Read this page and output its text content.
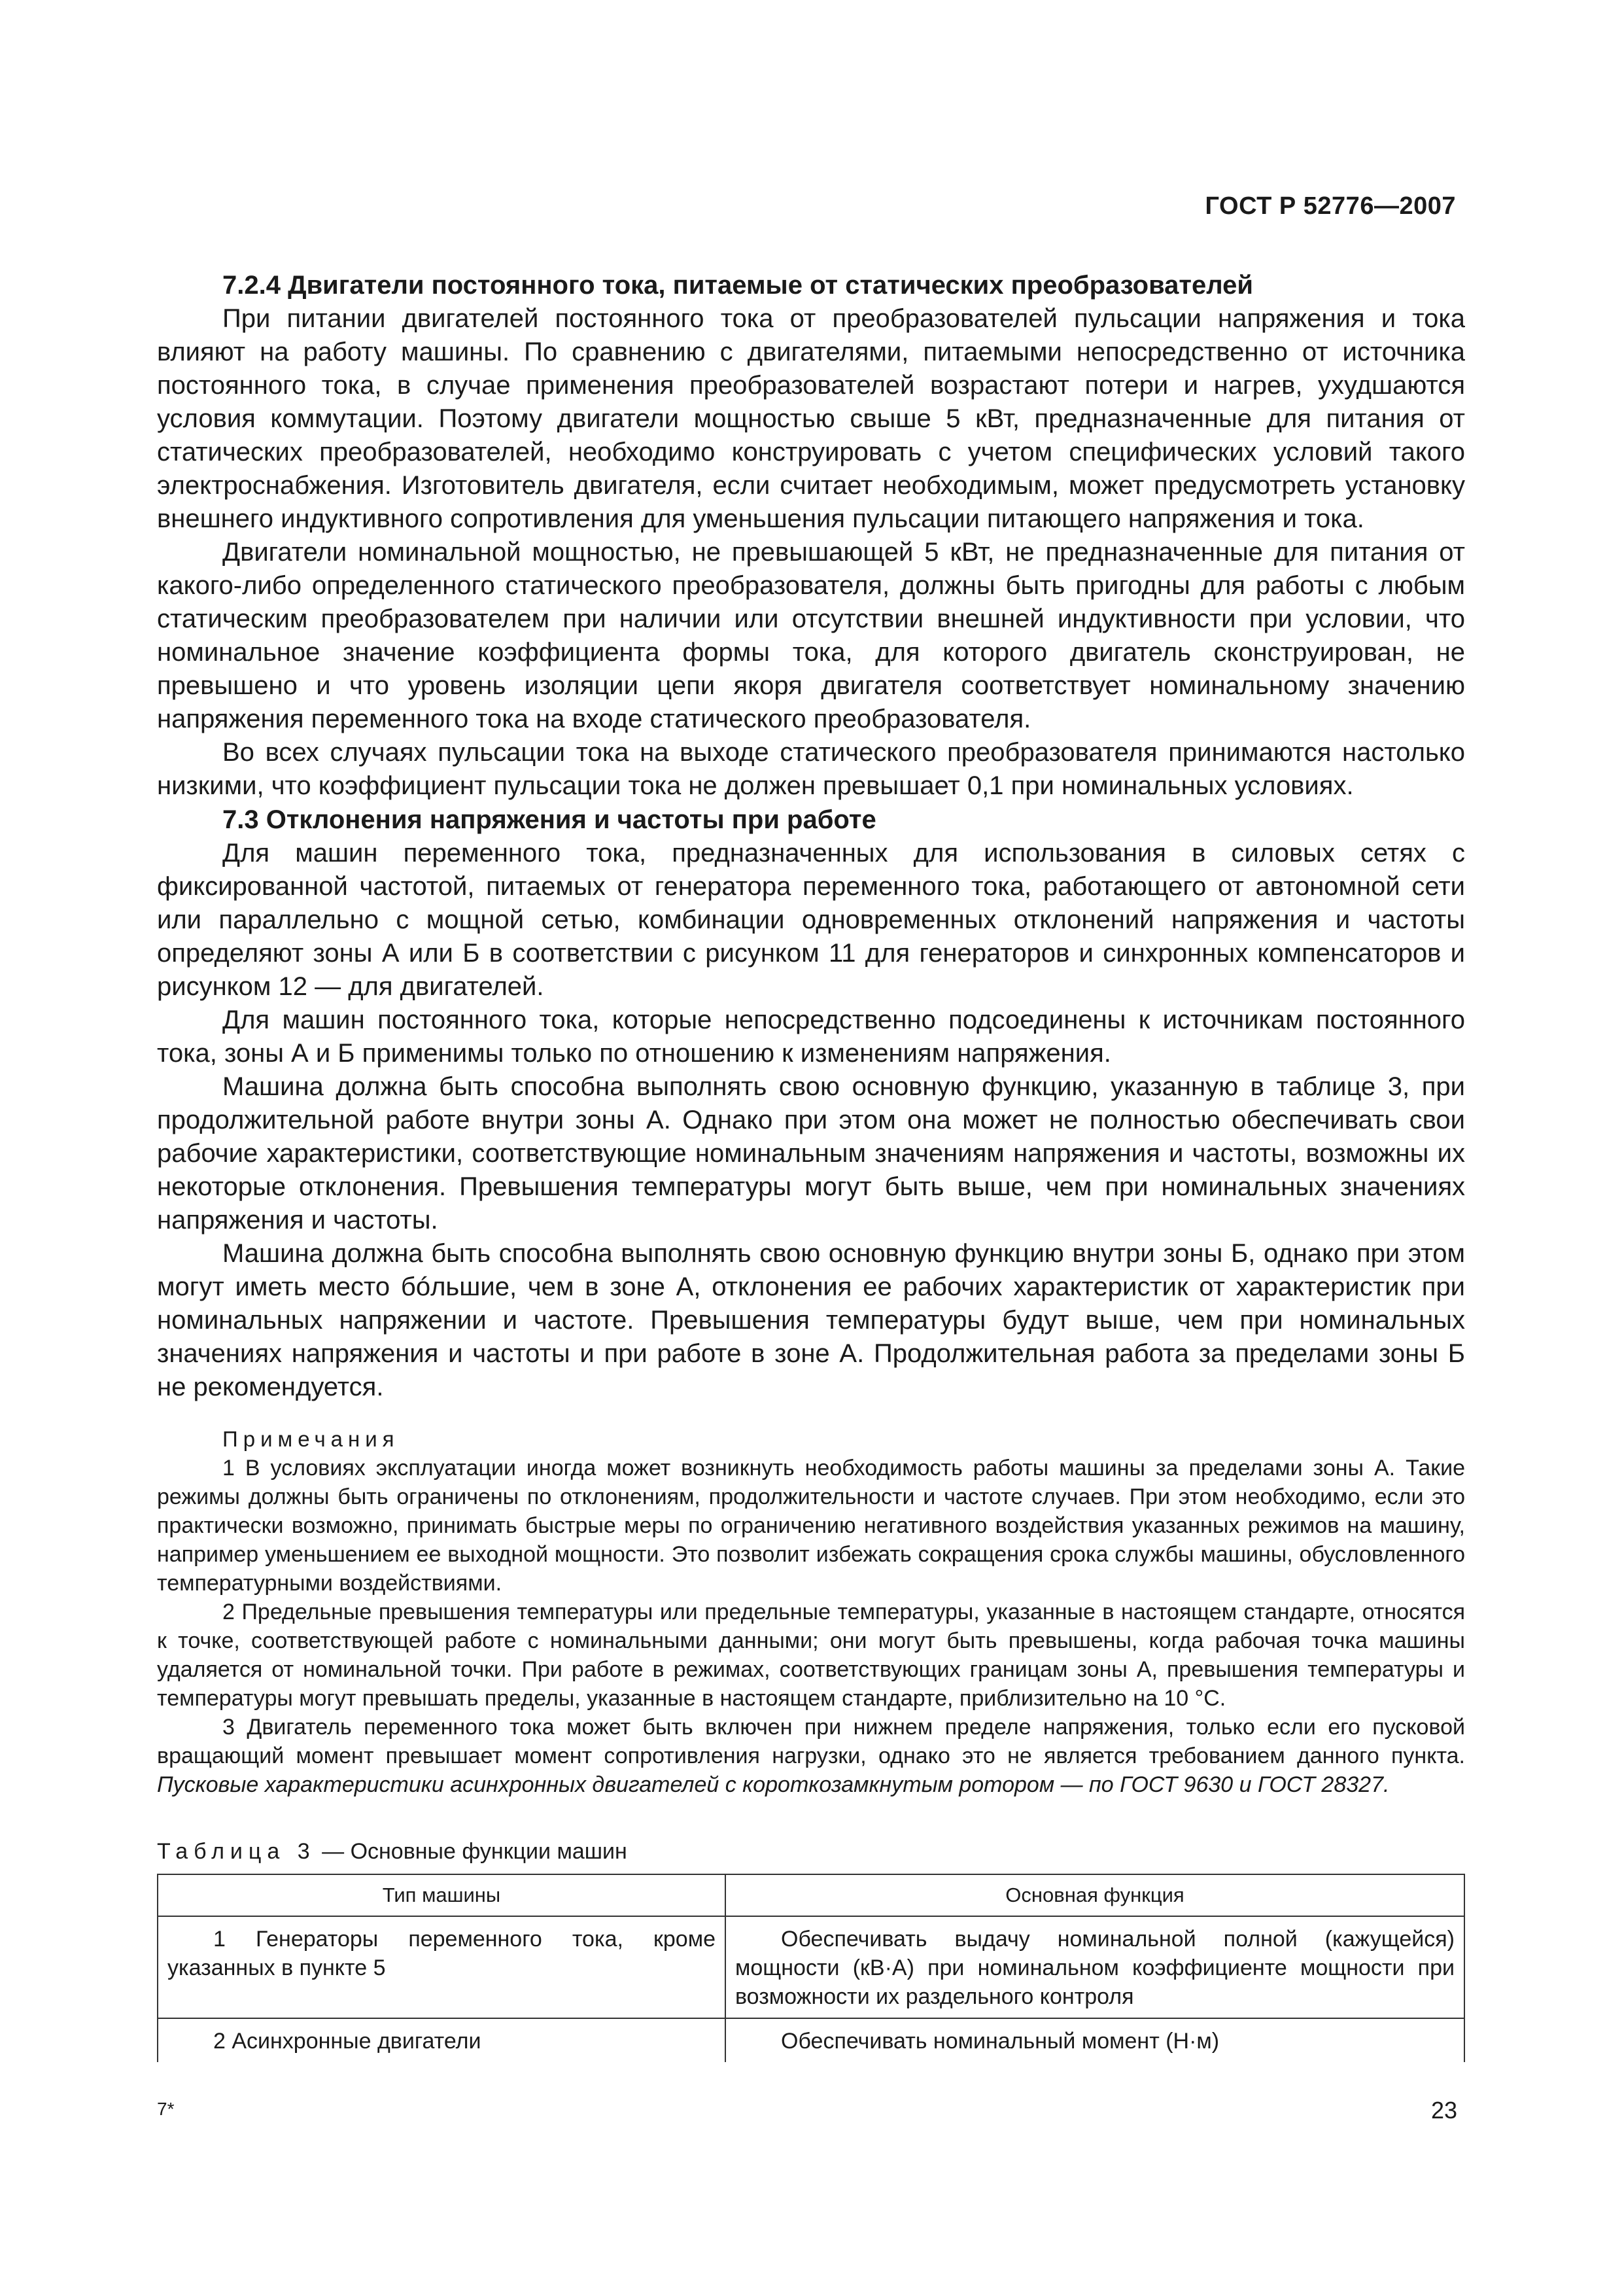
ГОСТ Р 52776—2007

7.2.4 Двигатели постоянного тока, питаемые от статических преобразователей

При питании двигателей постоянного тока от преобразователей пульсации напряжения и тока влияют на работу машины. По сравнению с двигателями, питаемыми непосредственно от источника постоянного тока, в случае применения преобразователей возрастают потери и нагрев, ухудшаются условия коммутации. Поэтому двигатели мощностью свыше 5 кВт, предназначенные для питания от статических преобразователей, необходимо конструировать с учетом специфических условий такого электроснабжения. Изготовитель двигателя, если считает необходимым, может предусмотреть установку внешнего индуктивного сопротивления для уменьшения пульсации питающего напряжения и тока.

Двигатели номинальной мощностью, не превышающей 5 кВт, не предназначенные для питания от какого-либо определенного статического преобразователя, должны быть пригодны для работы с любым статическим преобразователем при наличии или отсутствии внешней индуктивности при условии, что номинальное значение коэффициента формы тока, для которого двигатель сконструирован, не превышено и что уровень изоляции цепи якоря двигателя соответствует номинальному значению напряжения переменного тока на входе статического преобразователя.

Во всех случаях пульсации тока на выходе статического преобразователя принимаются настолько низкими, что коэффициент пульсации тока не должен превышает 0,1 при номинальных условиях.

7.3 Отклонения напряжения и частоты при работе

Для машин переменного тока, предназначенных для использования в силовых сетях с фиксированной частотой, питаемых от генератора переменного тока, работающего от автономной сети или параллельно с мощной сетью, комбинации одновременных отклонений напряжения и частоты определяют зоны А или Б в соответствии с рисунком 11 для генераторов и синхронных компенсаторов и рисунком 12 — для двигателей.

Для машин постоянного тока, которые непосредственно подсоединены к источникам постоянного тока, зоны А и Б применимы только по отношению к изменениям напряжения.

Машина должна быть способна выполнять свою основную функцию, указанную в таблице 3, при продолжительной работе внутри зоны А. Однако при этом она может не полностью обеспечивать свои рабочие характеристики, соответствующие номинальным значениям напряжения и частоты, возможны их некоторые отклонения. Превышения температуры могут быть выше, чем при номинальных значениях напряжения и частоты.

Машина должна быть способна выполнять свою основную функцию внутри зоны Б, однако при этом могут иметь место бóльшие, чем в зоне А, отклонения ее рабочих характеристик от характеристик при номинальных напряжении и частоте. Превышения температуры будут выше, чем при номинальных значениях напряжения и частоты и при работе в зоне А. Продолжительная работа за пределами зоны Б не рекомендуется.

Примечания

1 В условиях эксплуатации иногда может возникнуть необходимость работы машины за пределами зоны А. Такие режимы должны быть ограничены по отклонениям, продолжительности и частоте случаев. При этом необходимо, если это практически возможно, принимать быстрые меры по ограничению негативного воздействия указанных режимов на машину, например уменьшением ее выходной мощности. Это позволит избежать сокращения срока службы машины, обусловленного температурными воздействиями.

2 Предельные превышения температуры или предельные температуры, указанные в настоящем стандарте, относятся к точке, соответствующей работе с номинальными данными; они могут быть превышены, когда рабочая точка машины удаляется от номинальной точки. При работе в режимах, соответствующих границам зоны А, превышения температуры и температуры могут превышать пределы, указанные в настоящем стандарте, приблизительно на 10 °С.

3 Двигатель переменного тока может быть включен при нижнем пределе напряжения, только если его пусковой вращающий момент превышает момент сопротивления нагрузки, однако это не является требованием данного пункта. Пусковые характеристики асинхронных двигателей с короткозамкнутым ротором — по ГОСТ 9630 и ГОСТ 28327.

Таблица 3 — Основные функции машин
Тип машины	Основная функция
1 Генераторы переменного тока, кроме указанных в пункте 5	Обеспечивать выдачу номинальной полной (кажущейся) мощности (кВ·А) при номинальном коэффициенте мощности при возможности их раздельного контроля
2 Асинхронные двигатели	Обеспечивать номинальный момент (Н·м)
7*	23
